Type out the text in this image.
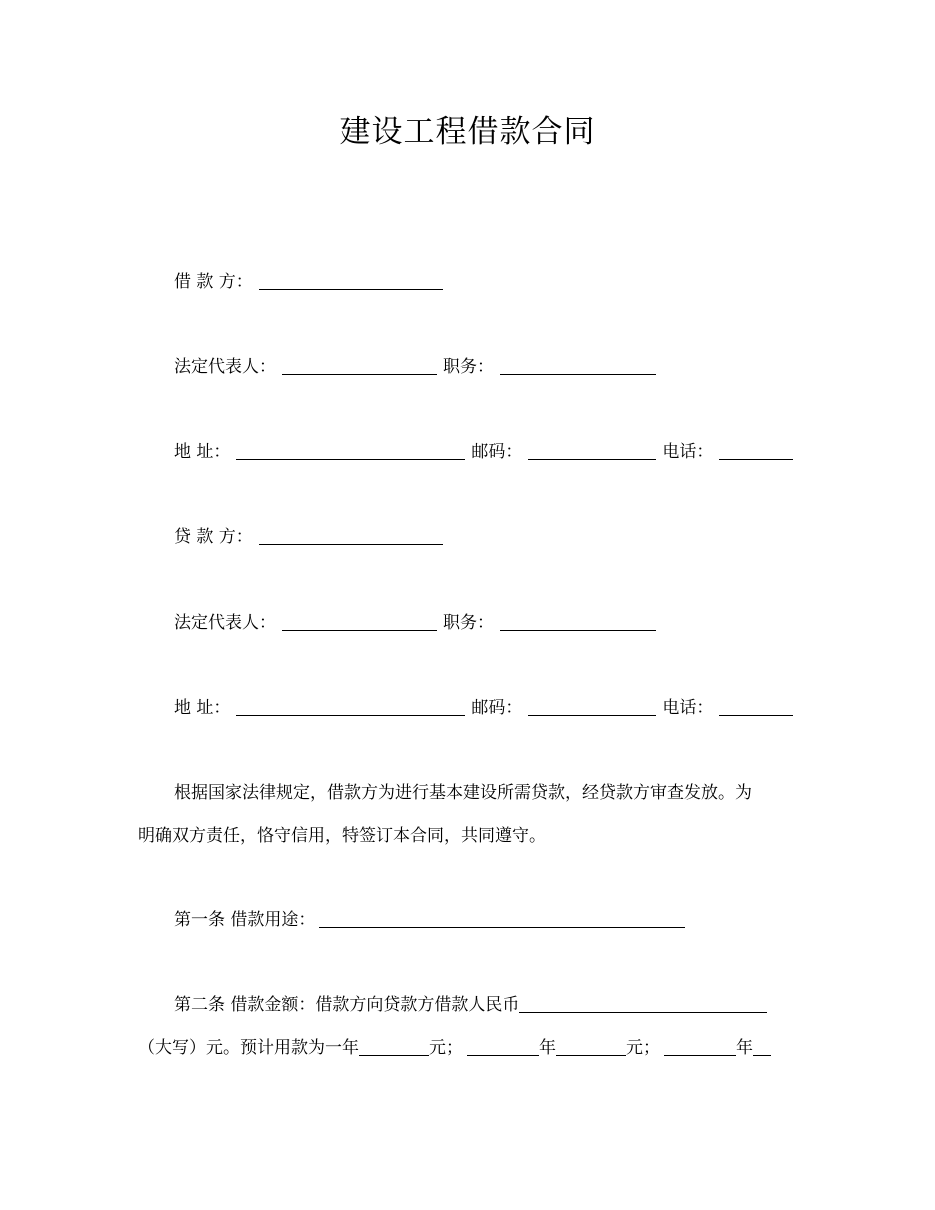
建设工程借款合同
借 款 方：
法定代表人：	职务：
地 址：	邮码：	电话：
贷 款 方：
法定代表人：	职务：
地 址：	邮码：	电话：
根据国家法律规定，借款方为进行基本建设所需贷款，经贷款方审查发放。为
明确双方责任，恪守信用，特签订本合同，共同遵守。
第一条 借款用途：
第二条 借款金额：借款方向贷款方借款人民币
（大写）元。预计用款为一年	元；	年	元；	年
